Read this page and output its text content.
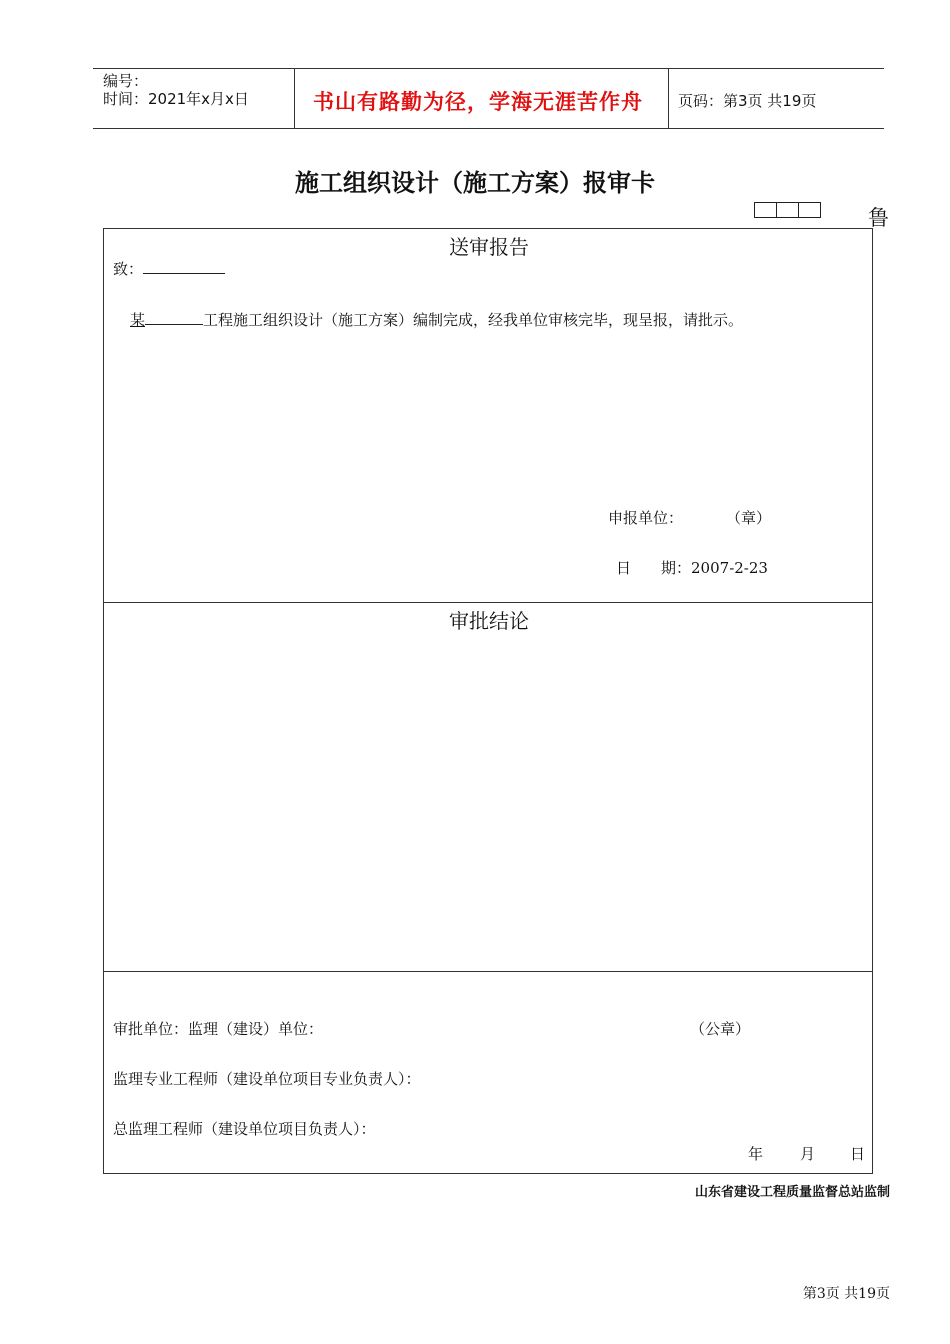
编号：
时间：2021年x月x日	书山有路勤为径，学海无涯苦作舟 页码：第3页 共19页
施工组织设计（施工方案）报审卡
鲁
送审报告
致：
某	工程施工组织设计（施工方案）编制完成，经我单位审核完毕，现呈报，请批示。
申报单位：	（章）
日　　期：2007-2-23
审批结论
审批单位：监理（建设）单位：	（公章）
监理专业工程师（建设单位项目专业负责人）：
总监理工程师（建设单位项目负责人）：
年 月 日
山东省建设工程质量监督总站监制
第3页 共19页
